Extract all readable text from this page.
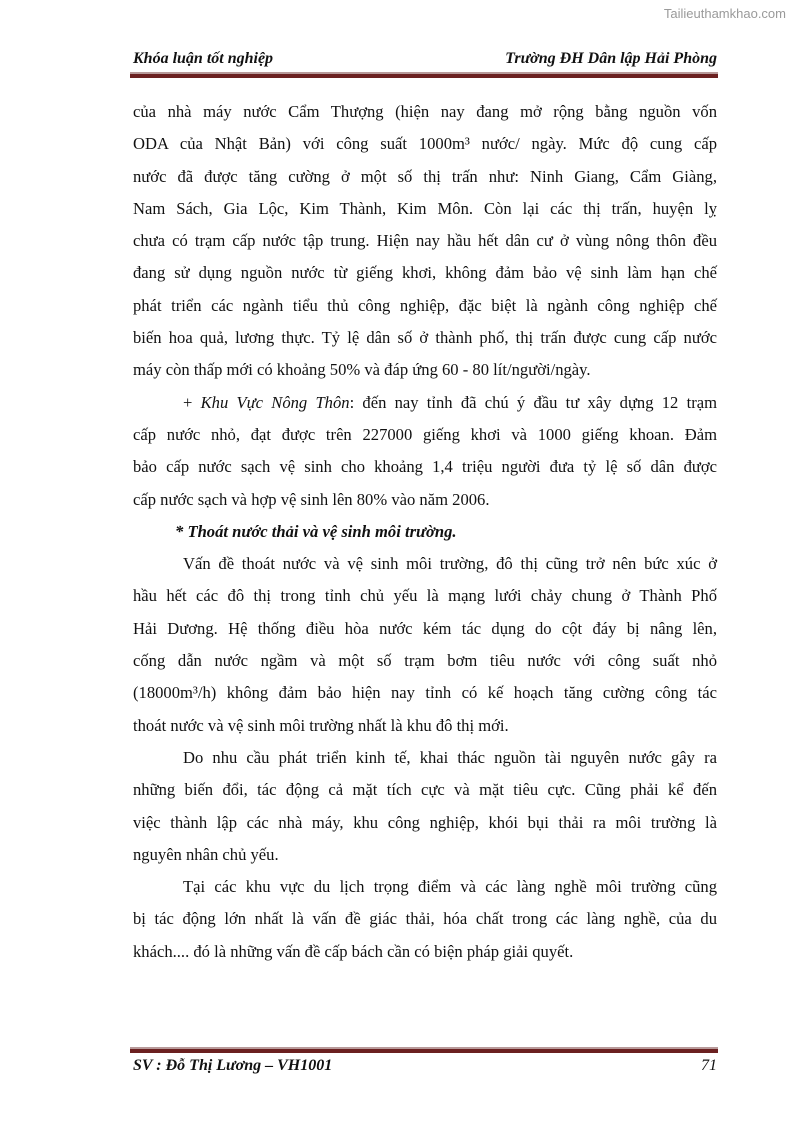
Tailieuthamkhao.com
Khóa luận tốt nghiệp	Trường ĐH Dân lập Hải Phòng
của nhà máy nước Cẩm Thượng (hiện nay đang mở rộng bằng nguồn vốn
ODA của Nhật Bản) với công suất 1000m³ nước/ ngày. Mức độ cung cấp
nước đã được tăng cường ở một số thị trấn như: Ninh Giang, Cẩm Giàng,
Nam Sách, Gia Lộc, Kim Thành, Kim Môn. Còn lại các thị trấn, huyện lỵ
chưa có trạm cấp nước tập trung. Hiện nay hầu hết dân cư ở vùng nông thôn đều
đang sử dụng nguồn nước từ giếng khơi, không đảm bảo vệ sinh làm hạn chế
phát triển các ngành tiểu thủ công nghiệp, đặc biệt là ngành công nghiệp chế
biến hoa quả, lương thực. Tỷ lệ dân số ở thành phố, thị trấn được cung cấp nước
máy còn thấp mới có khoảng 50% và đáp ứng 60 - 80 lít/người/ngày.
+ Khu Vực Nông Thôn: đến nay tỉnh đã chú ý đầu tư xây dựng 12 trạm
cấp nước nhỏ, đạt được trên 227000 giếng khơi và 1000 giếng khoan. Đảm
bảo cấp nước sạch vệ sinh cho khoảng 1,4 triệu người đưa tỷ lệ số dân được
cấp nước sạch và hợp vệ sinh lên 80% vào năm 2006.
* Thoát nước thải và vệ sinh môi trường.
Vấn đề thoát nước và vệ sinh môi trường, đô thị cũng trở nên bức xúc ở
hầu hết các đô thị trong tỉnh chủ yếu là mạng lưới chảy chung ở Thành Phố
Hải Dương. Hệ thống điều hòa nước kém tác dụng do cột đáy bị nâng lên,
cống dẫn nước ngầm và một số trạm bơm tiêu nước với công suất nhỏ
(18000m³/h) không đảm bảo hiện nay tỉnh có kế hoạch tăng cường công tác
thoát nước và vệ sinh môi trường nhất là khu đô thị mới.
Do nhu cầu phát triển kinh tế, khai thác nguồn tài nguyên nước gây ra
những biến đổi, tác động cả mặt tích cực và mặt tiêu cực. Cũng phải kể đến
việc thành lập các nhà máy, khu công nghiệp, khói bụi thải ra môi trường là
nguyên nhân chủ yếu.
Tại các khu vực du lịch trọng điểm và các làng nghề môi trường cũng
bị tác động lớn nhất là vấn đề giác thải, hóa chất trong các làng nghề, của du
khách.... đó là những vấn đề cấp bách cần có biện pháp giải quyết.
SV : Đỗ Thị Lương – VH1001	71
